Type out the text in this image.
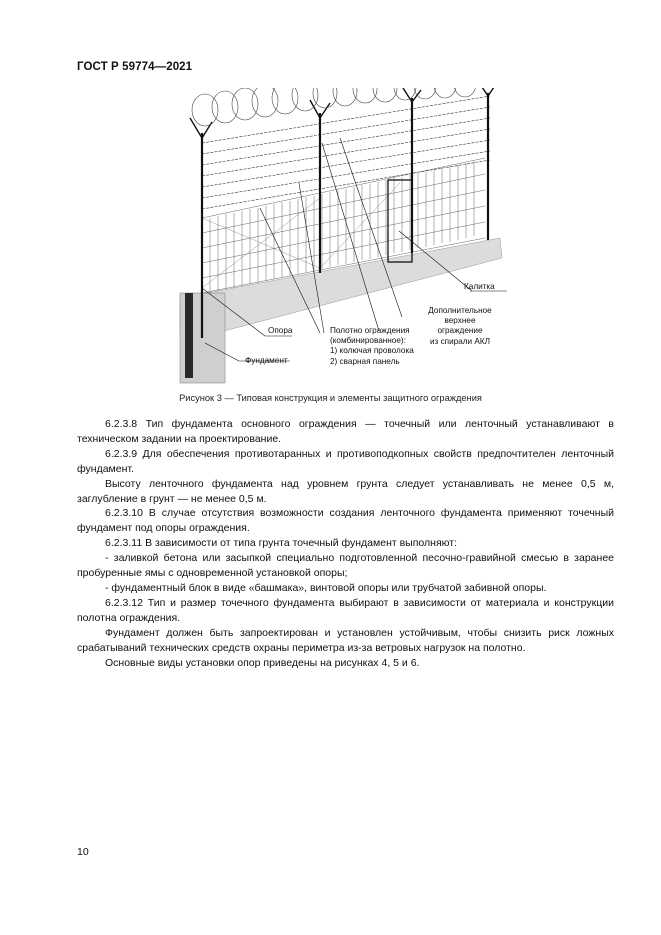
ГОСТ Р 59774—2021
Калитка
Дополнительное
верхнее
ограждение
из спирали АКЛ
Опора	Полотно ограждения
(комбинированное):
1) колючая проволока
2) сварная панель
Фундамент
Рисунок 3 — Типовая конструкция и элементы защитного ограждения

6.2.3.8 Тип фундамента основного ограждения — точечный или ленточный устанавливают в техническом задании на проектирование.

6.2.3.9 Для обеспечения противотаранных и противоподкопных свойств предпочтителен ленточный фундамент.

Высоту ленточного фундамента над уровнем грунта следует устанавливать не менее 0,5 м, заглубление в грунт — не менее 0,5 м.

6.2.3.10 В случае отсутствия возможности создания ленточного фундамента применяют точечный фундамент под опоры ограждения.

6.2.3.11 В зависимости от типа грунта точечный фундамент выполняют:

- заливкой бетона или засыпкой специально подготовленной песочно-гравийной смесью в заранее пробуренные ямы с одновременной установкой опоры;

- фундаментный блок в виде «башмака», винтовой опоры или трубчатой забивной опоры.

6.2.3.12 Тип и размер точечного фундамента выбирают в зависимости от материала и конструкции полотна ограждения.

Фундамент должен быть запроектирован и установлен устойчивым, чтобы снизить риск ложных срабатываний технических средств охраны периметра из-за ветровых нагрузок на полотно.

Основные виды установки опор приведены на рисунках 4, 5 и 6.

10
